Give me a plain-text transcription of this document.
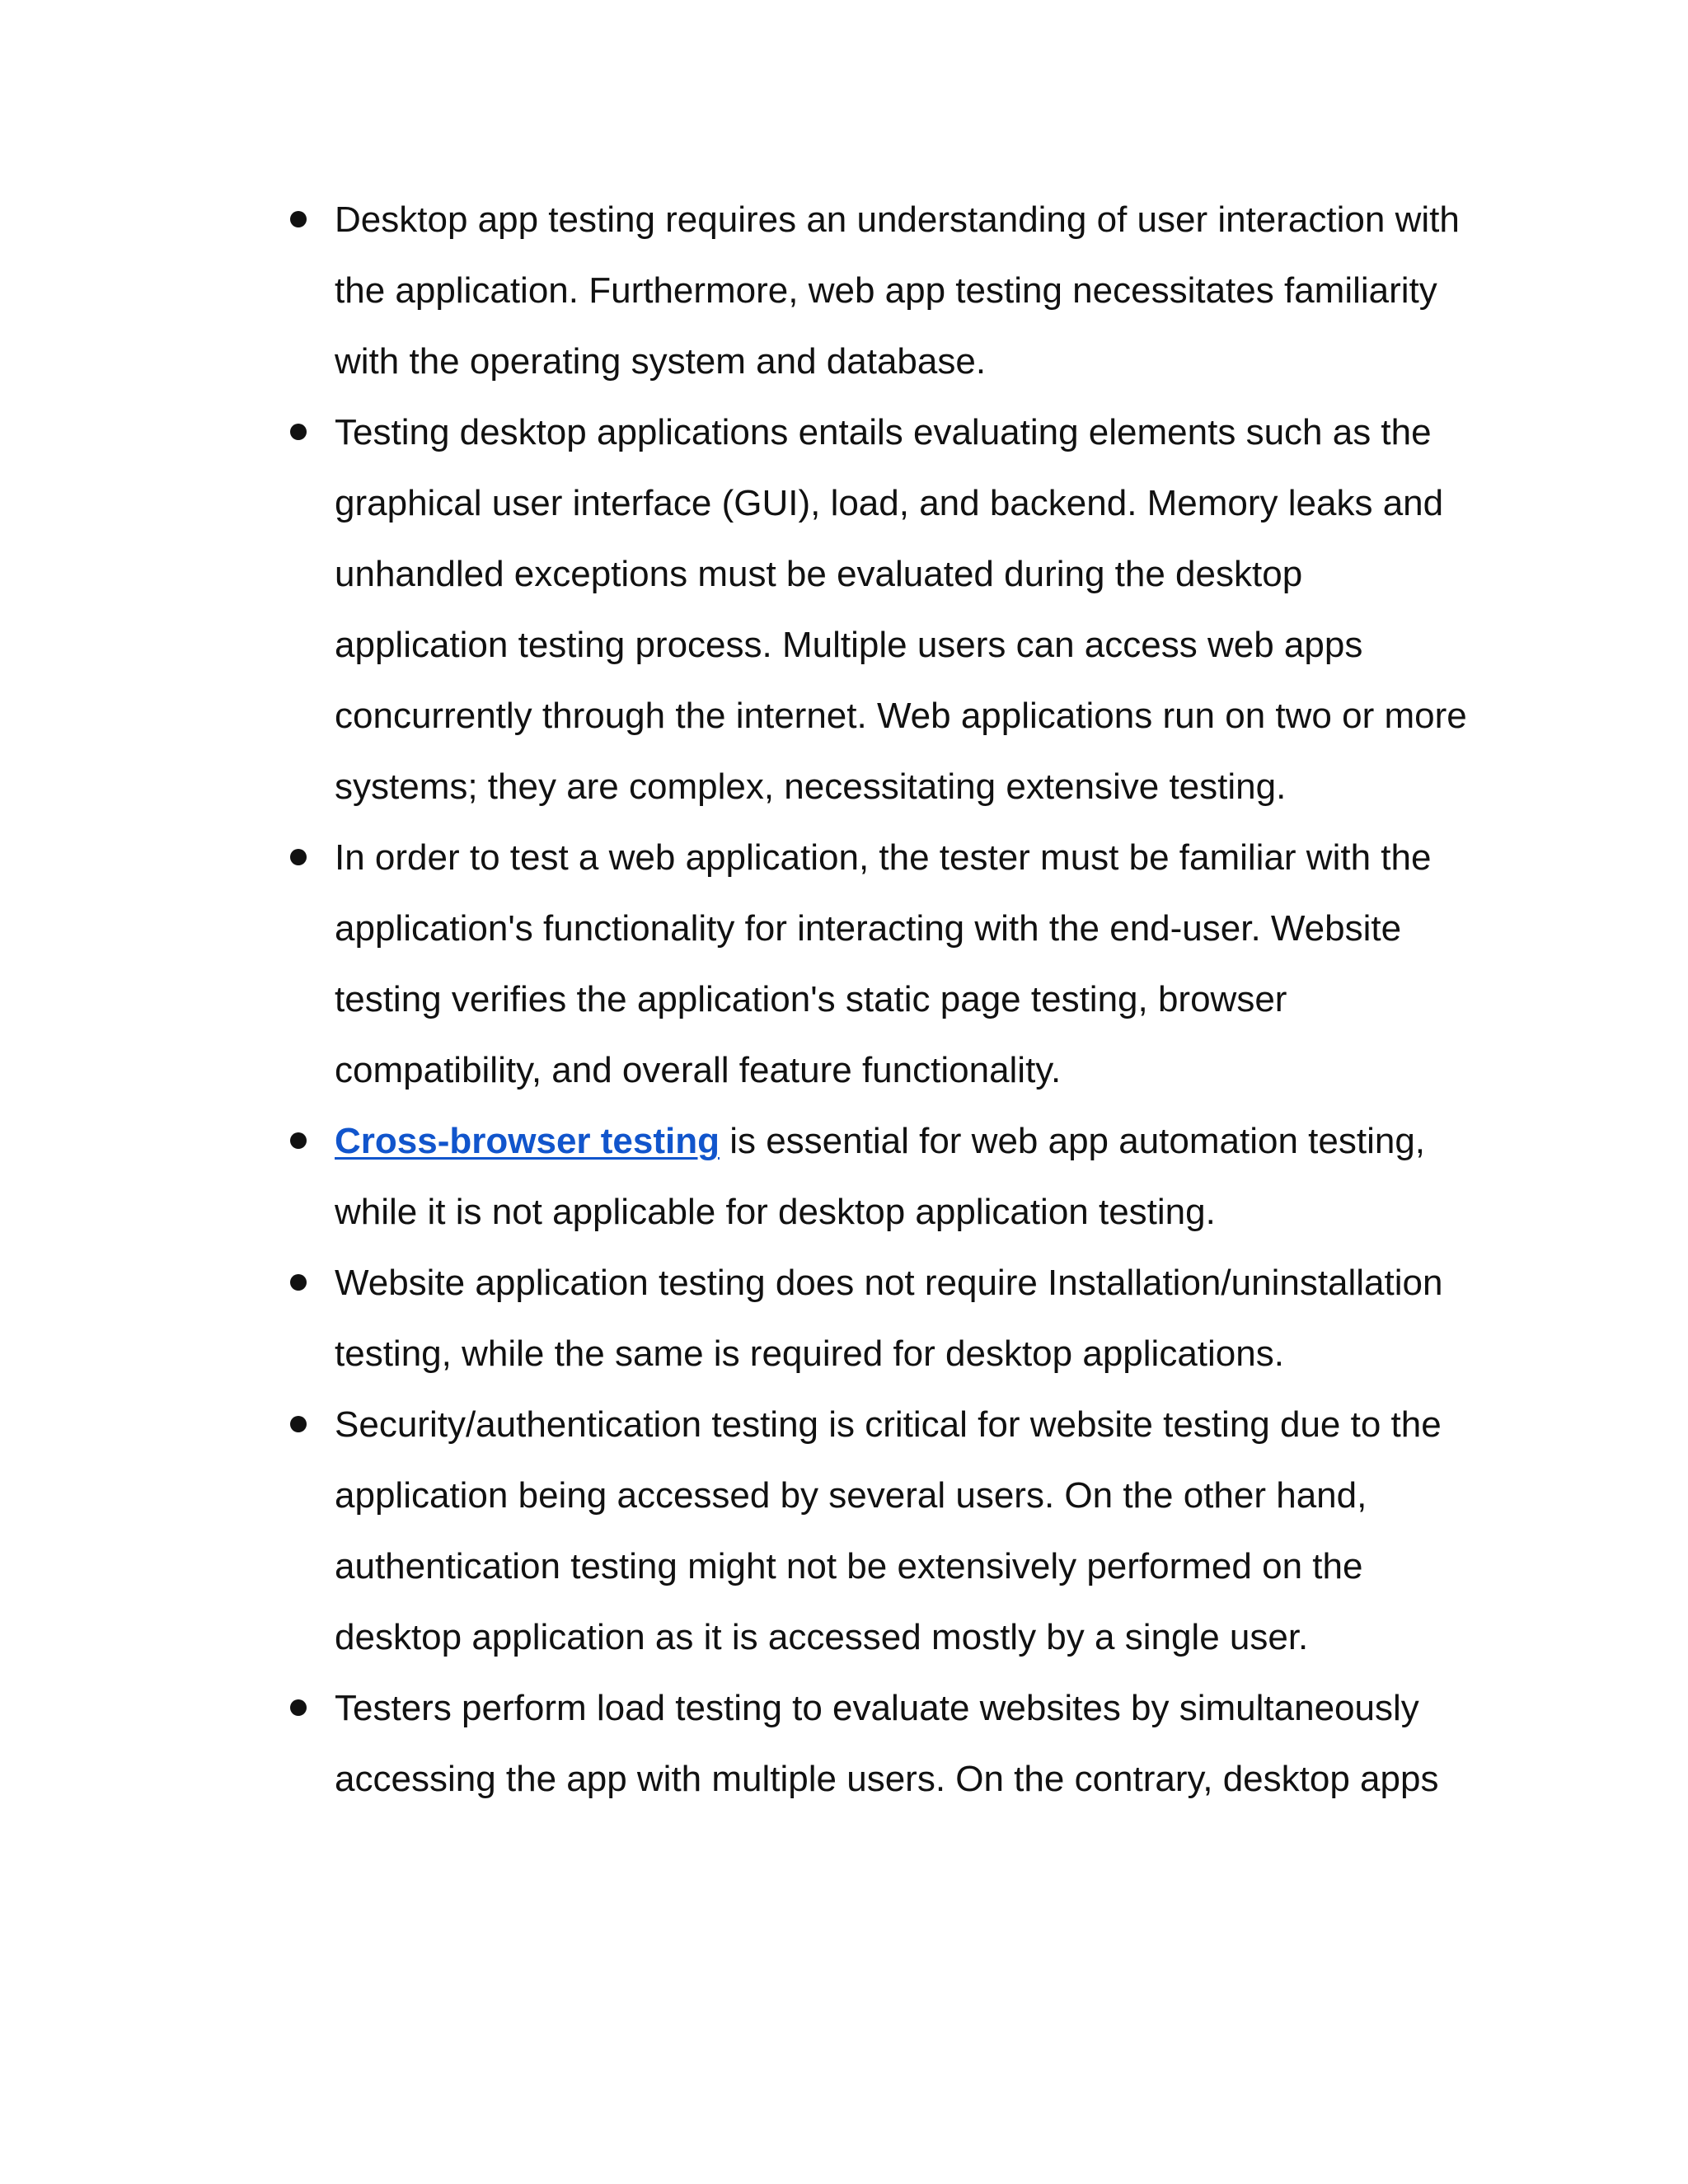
Desktop app testing requires an understanding of user interaction with the application. Furthermore, web app testing necessitates familiarity with the operating system and database.
Testing desktop applications entails evaluating elements such as the graphical user interface (GUI), load, and backend. Memory leaks and unhandled exceptions must be evaluated during the desktop application testing process. Multiple users can access web apps concurrently through the internet. Web applications run on two or more systems; they are complex, necessitating extensive testing.
In order to test a web application, the tester must be familiar with the application's functionality for interacting with the end-user. Website testing verifies the application's static page testing, browser compatibility, and overall feature functionality.
Cross-browser testing is essential for web app automation testing, while it is not applicable for desktop application testing.
Website application testing does not require Installation/uninstallation testing, while the same is required for desktop applications.
Security/authentication testing is critical for website testing due to the application being accessed by several users. On the other hand, authentication testing might not be extensively performed on the desktop application as it is accessed mostly by a single user.
Testers perform load testing to evaluate websites by simultaneously accessing the app with multiple users. On the contrary, desktop apps
